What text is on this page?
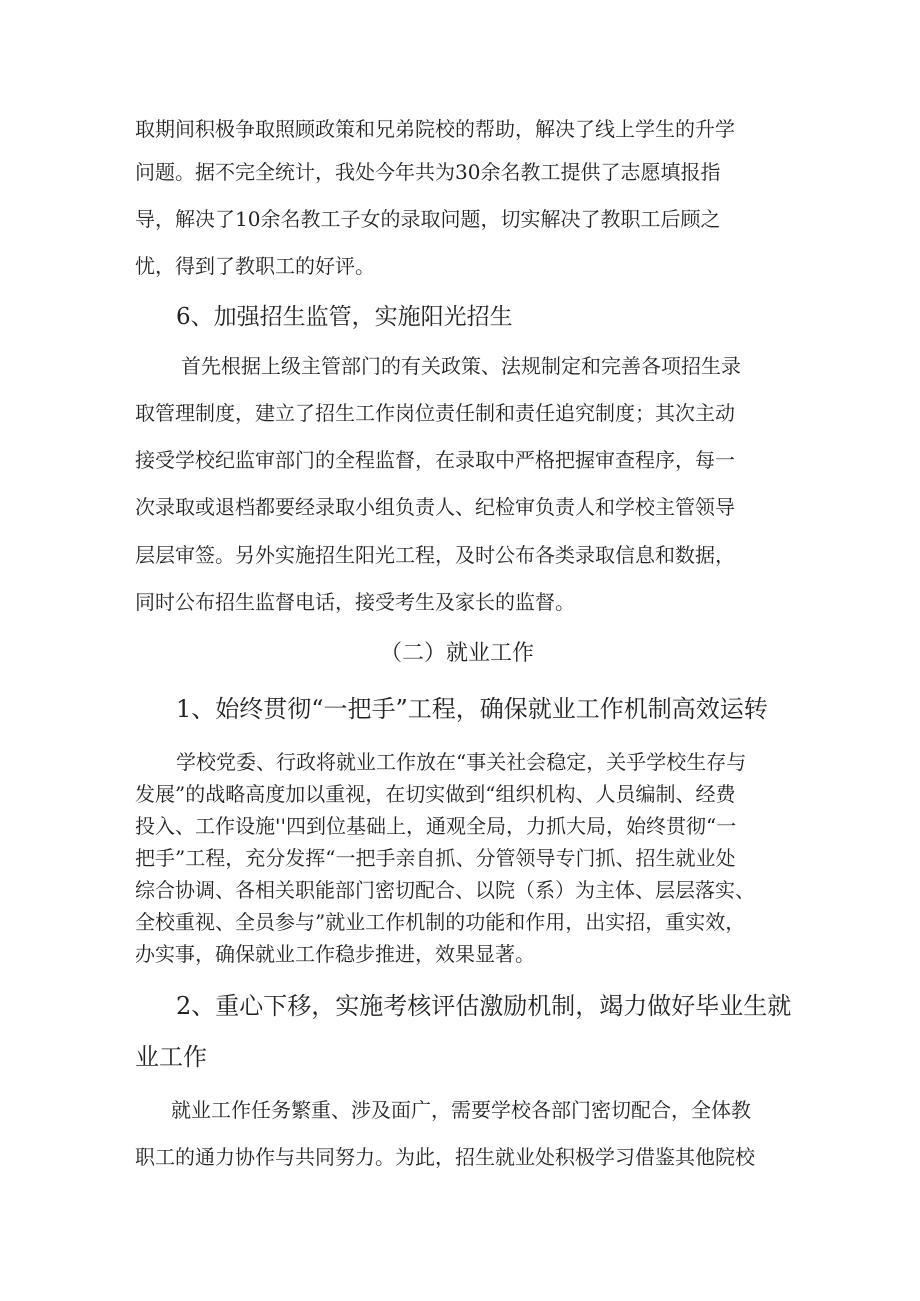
取期间积极争取照顾政策和兄弟院校的帮助，解决了线上学生的升学
问题。据不完全统计，我处今年共为30余名教工提供了志愿填报指
导，解决了10余名教工子女的录取问题，切实解决了教职工后顾之
忧，得到了教职工的好评。
6、加强招生监管，实施阳光招生
首先根据上级主管部门的有关政策、法规制定和完善各项招生录
取管理制度，建立了招生工作岗位责任制和责任追究制度；其次主动
接受学校纪监审部门的全程监督，在录取中严格把握审查程序，每一
次录取或退档都要经录取小组负责人、纪检审负责人和学校主管领导
层层审签。另外实施招生阳光工程，及时公布各类录取信息和数据，
同时公布招生监督电话，接受考生及家长的监督。
（二）就业工作
1、始终贯彻“一把手”工程，确保就业工作机制高效运转
学校党委、行政将就业工作放在“事关社会稳定，关乎学校生存与
发展”的战略高度加以重视，在切实做到“组织机构、人员编制、经费
投入、工作设施''四到位基础上，通观全局，力抓大局，始终贯彻“一
把手”工程，充分发挥“一把手亲自抓、分管领导专门抓、招生就业处
综合协调、各相关职能部门密切配合、以院（系）为主体、层层落实、
全校重视、全员参与”就业工作机制的功能和作用，出实招，重实效，
办实事，确保就业工作稳步推进，效果显著。
2、重心下移，实施考核评估激励机制，竭力做好毕业生就
业工作
就业工作任务繁重、涉及面广，需要学校各部门密切配合，全体教
职工的通力协作与共同努力。为此，招生就业处积极学习借鉴其他院校
